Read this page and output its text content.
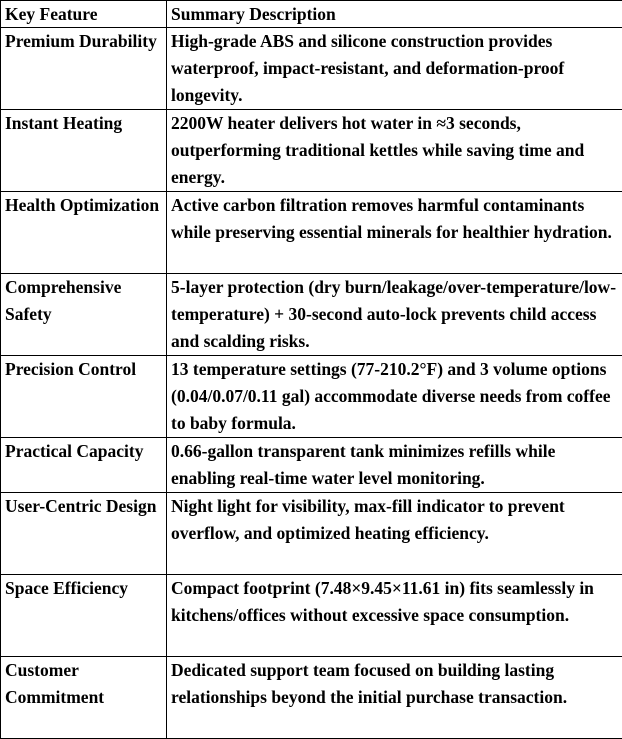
Key Feature	Summary Description
Premium Durability	High-grade ABS and silicone construction provides waterproof, impact-resistant, and deformation-proof longevity.
Instant Heating	2200W heater delivers hot water in ≈3 seconds, outperforming traditional kettles while saving time and energy.
Health Optimization	Active carbon filtration removes harmful contaminants while preserving essential minerals for healthier hydration.
Comprehensive Safety	5-layer protection (dry burn/leakage/over-temperature/low-temperature) + 30-second auto-lock prevents child access and scalding risks.
Precision Control	13 temperature settings (77-210.2°F) and 3 volume options (0.04/0.07/0.11 gal) accommodate diverse needs from coffee to baby formula.
Practical Capacity	0.66-gallon transparent tank minimizes refills while enabling real-time water level monitoring.
User-Centric Design	Night light for visibility, max-fill indicator to prevent overflow, and optimized heating efficiency.
Space Efficiency	Compact footprint (7.48×9.45×11.61 in) fits seamlessly in kitchens/offices without excessive space consumption.
Customer Commitment	Dedicated support team focused on building lasting relationships beyond the initial purchase transaction.
